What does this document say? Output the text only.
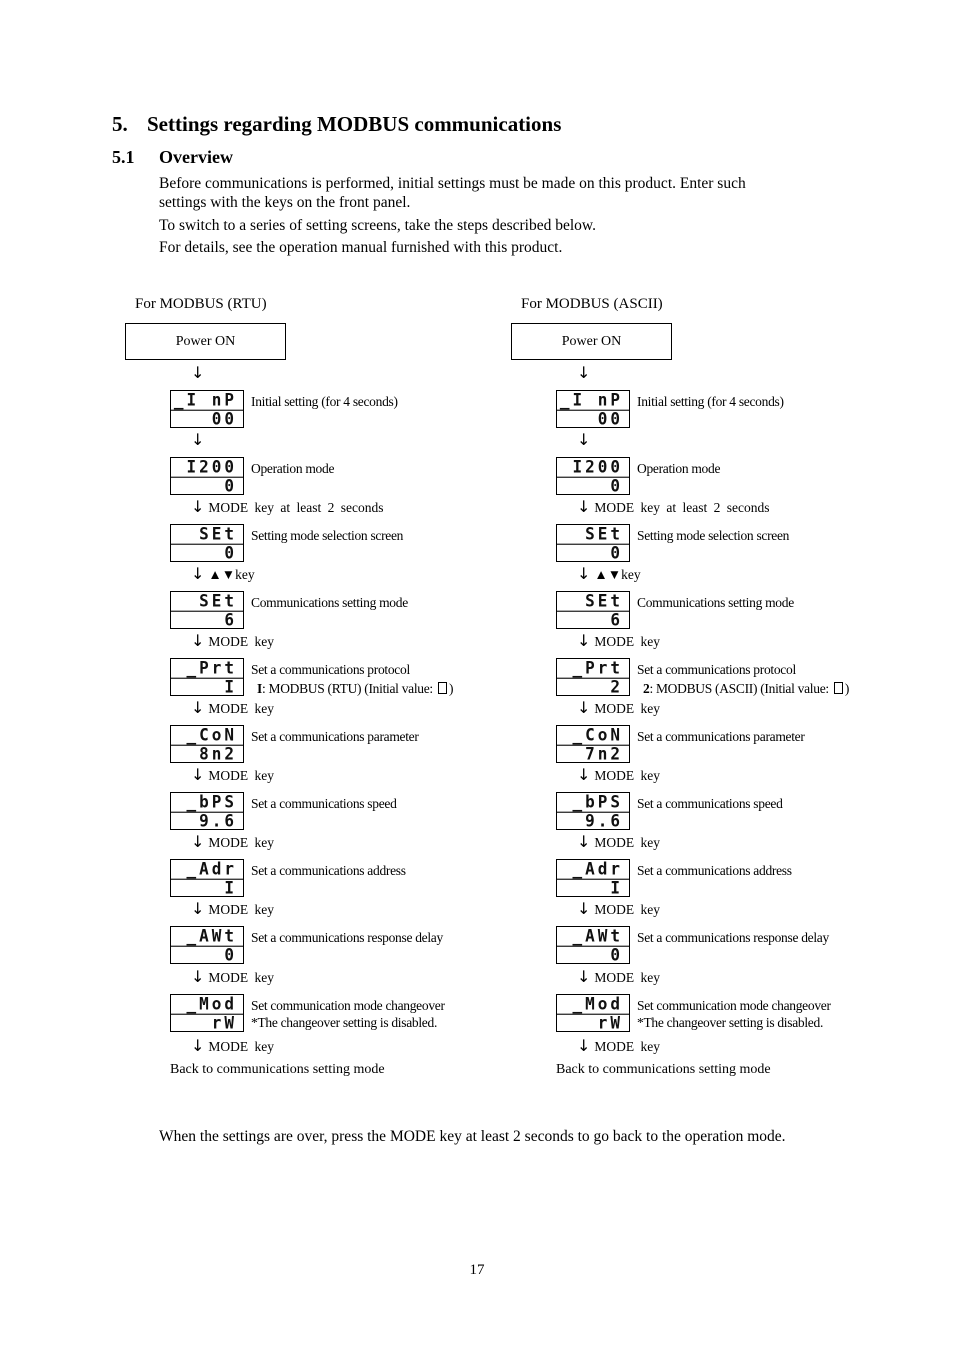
5. Settings regarding MODBUS communications
5.1 Overview

Before communications is performed, initial settings must be made on this product. Enter such

settings with the keys on the front panel.

To switch to a series of setting screens, take the steps described below.

For details, see the operation manual furnished with this product.

For MODBUS (RTU)
Power ON
↓
_I nP
00
Initial setting (for 4 seconds)
↓
I200
0
Operation mode
↓ MODE key at least 2 seconds
SEt
0
Setting mode selection screen
↓ ▲▼key
SEt
6
Communications setting mode
↓ MODE key
_Prt
I
Set a communications protocol
I: MODBUS (RTU) (Initial value: )
↓ MODE key
_CoN
8n2
Set a communications parameter
↓ MODE key
_bPS
9.6
Set a communications speed
↓ MODE key
_Adr
I
Set a communications address
↓ MODE key
_AWt
0
Set a communications response delay
↓ MODE key
_Mod
rW
Set communication mode changeover
*The changeover setting is disabled.
↓ MODE key
Back to communications setting mode
For MODBUS (ASCII)
Power ON
↓
_I nP
00
Initial setting (for 4 seconds)
↓
I200
0
Operation mode
↓ MODE key at least 2 seconds
SEt
0
Setting mode selection screen
↓ ▲▼key
SEt
6
Communications setting mode
↓ MODE key
_Prt
2
Set a communications protocol
2: MODBUS (ASCII) (Initial value: )
↓ MODE key
_CoN
7n2
Set a communications parameter
↓ MODE key
_bPS
9.6
Set a communications speed
↓ MODE key
_Adr
I
Set a communications address
↓ MODE key
_AWt
0
Set a communications response delay
↓ MODE key
_Mod
rW
Set communication mode changeover
*The changeover setting is disabled.
↓ MODE key
Back to communications setting mode
When the settings are over, press the MODE key at least 2 seconds to go back to the operation mode.
17
